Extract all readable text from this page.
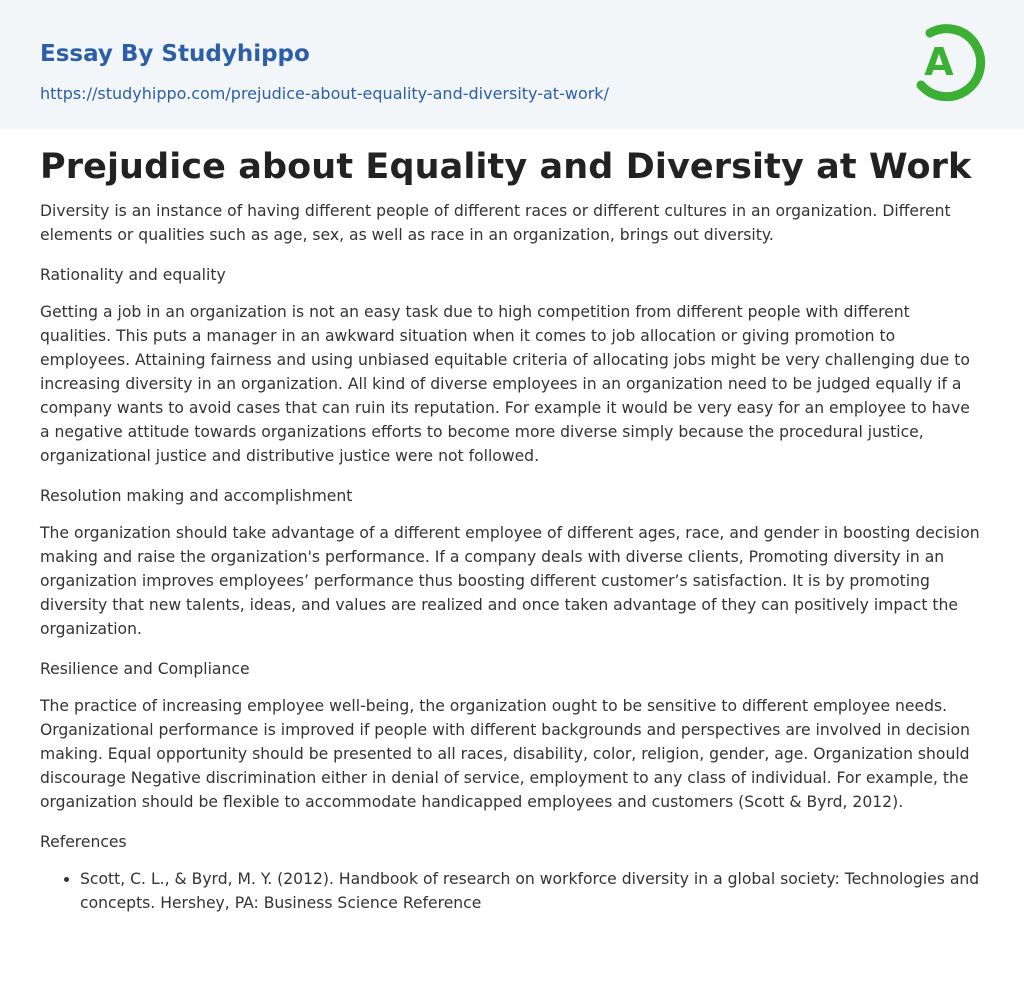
Essay By Studyhippo
https://studyhippo.com/prejudice-about-equality-and-diversity-at-work/
A
Prejudice about Equality and Diversity at Work

Diversity is an instance of having different people of different races or different cultures in an organization. Different elements or qualities such as age, sex, as well as race in an organization, brings out diversity.

Rationality and equality

Getting a job in an organization is not an easy task due to high competition from different people with different qualities. This puts a manager in an awkward situation when it comes to job allocation or giving promotion to employees. Attaining fairness and using unbiased equitable criteria of allocating jobs might be very challenging due to increasing diversity in an organization. All kind of diverse employees in an organization need to be judged equally if a company wants to avoid cases that can ruin its reputation. For example it would be very easy for an employee to have a negative attitude towards organizations efforts to become more diverse simply because the procedural justice, organizational justice and distributive justice were not followed.

Resolution making and accomplishment

The organization should take advantage of a different employee of different ages, race, and gender in boosting decision making and raise the organization's performance. If a company deals with diverse clients, Promoting diversity in an organization improves employees’ performance thus boosting different customer’s satisfaction. It is by promoting diversity that new talents, ideas, and values are realized and once taken advantage of they can positively impact the organization.

Resilience and Compliance

The practice of increasing employee well-being, the organization ought to be sensitive to different employee needs. Organizational performance is improved if people with different backgrounds and perspectives are involved in decision making. Equal opportunity should be presented to all races, disability, color, religion, gender, age. Organization should discourage Negative discrimination either in denial of service, employment to any class of individual. For example, the organization should be flexible to accommodate handicapped employees and customers (Scott & Byrd, 2012).

References

• Scott, C. L., & Byrd, M. Y. (2012). Handbook of research on workforce diversity in a global society: Technologies and concepts. Hershey, PA: Business Science Reference
